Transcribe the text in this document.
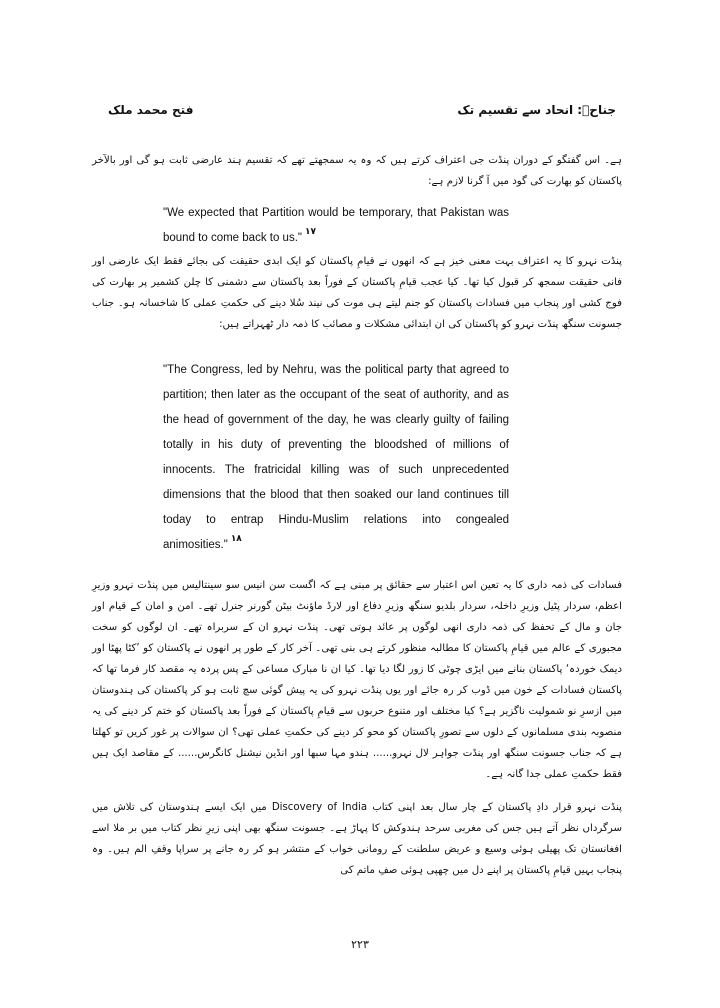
فتح محمد ملک	جناحؒ: انحاد سے تقسیم تک

ہے۔ اس گفتگو کے دوران پنڈت جی اعتراف کرتے ہیں کہ وہ یہ سمجھتے تھے کہ تقسیم ہند عارضی ثابت ہو گی اور بالآخر پاکستان کو بھارت کی گود میں آ گرنا لازم ہے:

"We expected that Partition would be temporary, that Pakistan was bound to come back to us." $^{۱۷}$

پنڈت نہرو کا یہ اعتراف بہت معنی خیز ہے کہ انھوں نے قیامِ پاکستان کو ایک ابدی حقیقت کی بجائے فقط ایک عارضی اور فانی حقیقت سمجھ کر قبول کیا تھا۔ کیا عجب قیامِ پاکستان کے فوراً بعد پاکستان سے دشمنی کا چلن کشمیر پر بھارت کی فوج کشی اور پنجاب میں فسادات پاکستان کو جنم لیتے ہی موت کی نیند سُلا دینے کی حکمتِ عملی کا شاخسانہ ہو۔ جناب جسونت سنگھ پنڈت نہرو کو پاکستان کی ان ابتدائی مشکلات و مصائب کا ذمہ دار ٹھہراتے ہیں:

"The Congress, led by Nehru, was the political party that agreed to partition; then later as the occupant of the seat of authority, and as the head of government of the day, he was clearly guilty of failing totally in his duty of preventing the bloodshed of millions of innocents. The fratricidal killing was of such unprecedented dimensions that the blood that then soaked our land continues till today to entrap Hindu-Muslim relations into congealed animosities." $^{۱۸}$

فسادات کی ذمہ داری کا یہ تعین اس اعتبار سے حقائق پر مبنی ہے کہ اگست سن انیس سو سینتالیس میں پنڈت نہرو وزیرِ اعظم، سردار پٹیل وزیرِ داخلہ، سردار بلدیو سنگھ وزیرِ دفاع اور لارڈ ماؤنٹ بیٹن گورنر جنرل تھے۔ امن و امان کے قیام اور جان و مال کے تحفظ کی ذمہ داری انھی لوگوں پر عائد ہوتی تھی۔ پنڈت نہرو ان کے سربراہ تھے۔ ان لوگوں کو سخت مجبوری کے عالم میں قیامِ پاکستان کا مطالبہ منظور کرتے ہی بنی تھی۔ آخر کار کے طور پر انھوں نے پاکستان کو ’کٹا پھٹا اور دیمک خوردہ‘ پاکستان بنانے میں ایڑی چوٹی کا زور لگا دیا تھا۔ کیا ان نا مبارک مساعی کے پس پردہ یہ مقصد کار فرما تھا کہ پاکستان فسادات کے خون میں ڈوب کر رہ جائے اور یوں پنڈت نہرو کی یہ پیش گوئی سچ ثابت ہو کر پاکستان کی ہندوستان میں ازسرِ نو شمولیت ناگزیر ہے؟ کیا مختلف اور متنوع حربوں سے قیامِ پاکستان کے فوراً بعد پاکستان کو ختم کر دینے کی یہ منصوبہ بندی مسلمانوں کے دلوں سے تصورِ پاکستان کو محو کر دینے کی حکمتِ عملی تھی؟ ان سوالات پر غور کریں تو کھلتا ہے کہ جناب جسونت سنگھ اور پنڈت جواہر لال نہرو...... ہندو مہا سبھا اور انڈین نیشنل کانگرس...... کے مقاصد ایک ہیں فقط حکمتِ عملی جدا گانہ ہے۔

پنڈت نہرو قرار دادِ پاکستان کے چار سال بعد اپنی کتاب Discovery of India میں ایک ایسے ہندوستان کی تلاش میں سرگرداں نظر آتے ہیں جس کی مغربی سرحد ہندوکش کا پہاڑ ہے۔ جسونت سنگھ بھی اپنی زیرِ نظر کتاب میں بر ملا اسے افغانستان تک پھیلی ہوئی وسیع و عریض سلطنت کے رومانی خواب کے منتشر ہو کر رہ جانے پر سراپا وقفِ الم ہیں۔ وہ پنجاب بہیں قیامِ پاکستان پر اپنے دل میں چھپی ہوئی صفِ ماتم کی

۲۲۳
